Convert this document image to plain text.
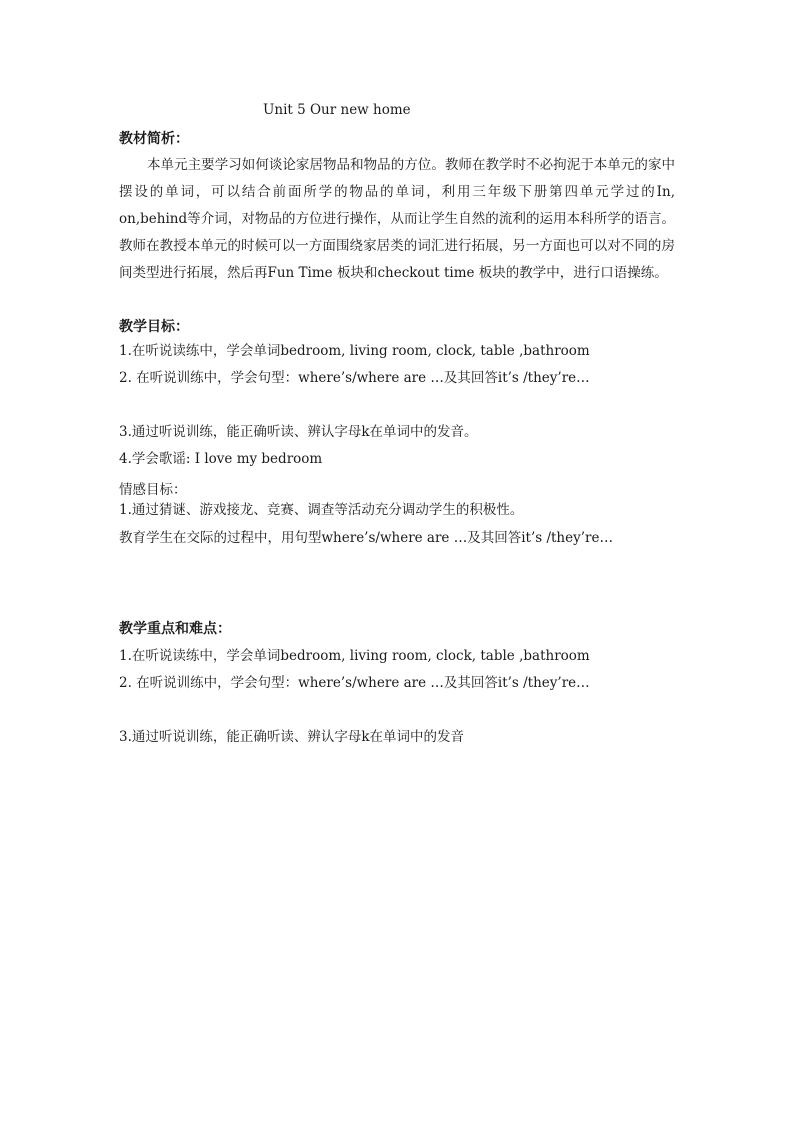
Unit 5 Our new home
教材简析：
本单元主要学习如何谈论家居物品和物品的方位。教师在教学时不必拘泥于本单元的家中摆设的单词，可以结合前面所学的物品的单词，利用三年级下册第四单元学过的In, on,behind等介词，对物品的方位进行操作，从而让学生自然的流利的运用本科所学的语言。教师在教授本单元的时候可以一方面围绕家居类的词汇进行拓展，另一方面也可以对不同的房间类型进行拓展，然后再Fun Time 板块和checkout time 板块的教学中，进行口语操练。
教学目标：
1.在听说读练中，学会单词bedroom, living room, clock, table ,bathroom
2. 在听说训练中，学会句型：where’s/where are …及其回答it’s /they’re…
3.通过听说训练，能正确听读、辨认字母k在单词中的发音。
4.学会歌谣: I love my bedroom
情感目标：
1.通过猜谜、游戏接龙、竞赛、调查等活动充分调动学生的积极性。
教育学生在交际的过程中，用句型where’s/where are …及其回答it’s /they’re…
教学重点和难点：
1.在听说读练中，学会单词bedroom, living room, clock, table ,bathroom
2. 在听说训练中，学会句型：where’s/where are …及其回答it’s /they’re…
3.通过听说训练，能正确听读、辨认字母k在单词中的发音
